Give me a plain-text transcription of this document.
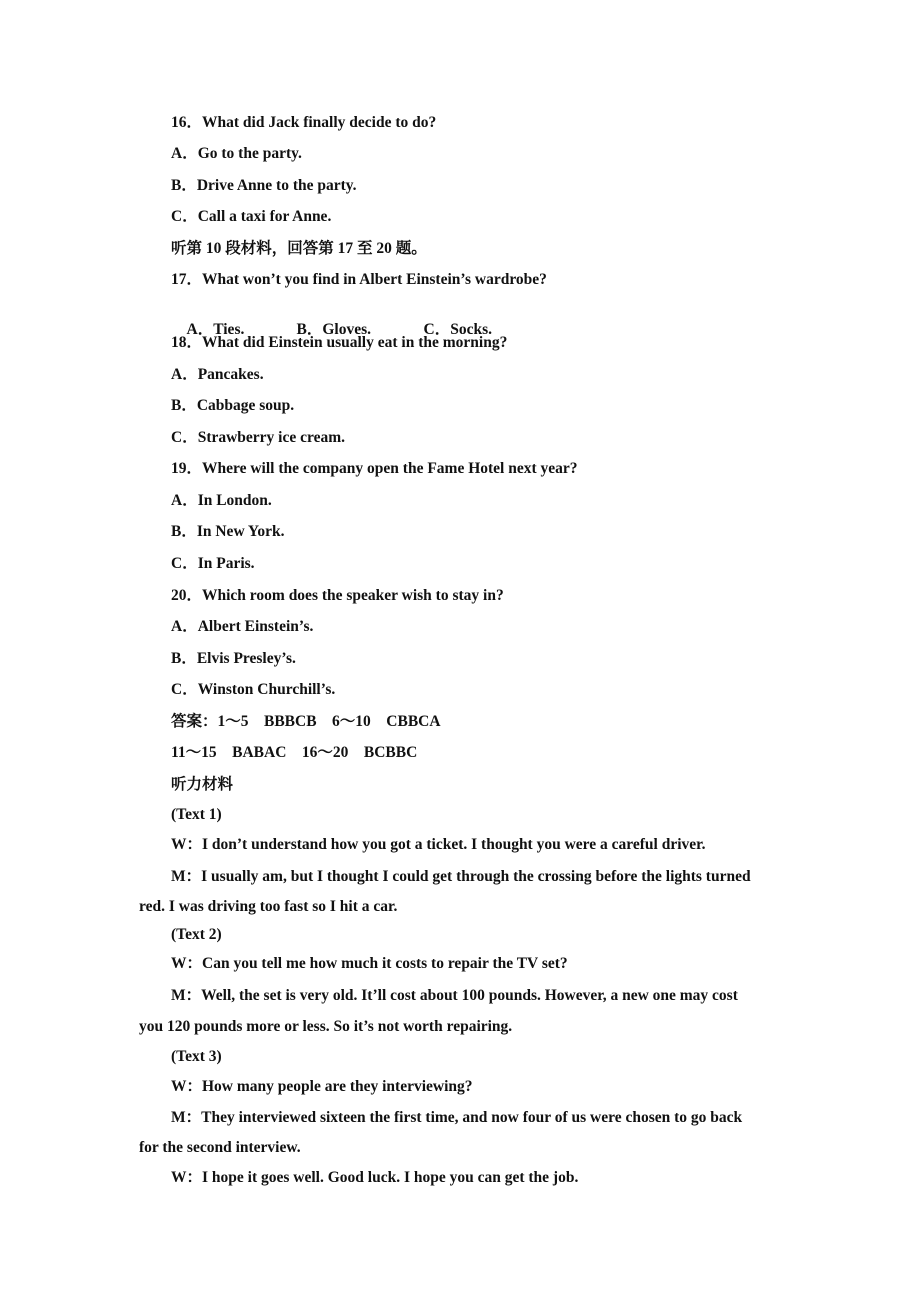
16．What did Jack finally decide to do?

A．Go to the party.

B．Drive Anne to the party.

C．Call a taxi for Anne.

听第 10 段材料，回答第 17 至 20 题。

17．What won’t you find in Albert Einstein’s wardrobe?

A．Ties.	B．Gloves.	C．Socks.

18．What did Einstein usually eat in the morning?

A．Pancakes.

B．Cabbage soup.

C．Strawberry ice cream.

19．Where will the company open the Fame Hotel next year?

A．In London.

B．In New York.

C．In Paris.

20．Which room does the speaker wish to stay in?

A．Albert Einstein’s.

B．Elvis Presley’s.

C．Winston Churchill’s.

答案：1～5　BBBCB　6～10　CBBCA

11～15　BABAC　16～20　BCBBC

听力材料

(Text 1)

W：I don’t understand how you got a ticket. I thought you were a careful driver.

M：I usually am, but I thought I could get through the crossing before the lights turned

red. I was driving too fast so I hit a car.

(Text 2)

W：Can you tell me how much it costs to repair the TV set?

M：Well, the set is very old. It’ll cost about 100 pounds. However, a new one may cost

you 120 pounds more or less. So it’s not worth repairing.

(Text 3)

W：How many people are they interviewing?

M：They interviewed sixteen the first time, and now four of us were chosen to go back

for the second interview.

W：I hope it goes well. Good luck. I hope you can get the job.
